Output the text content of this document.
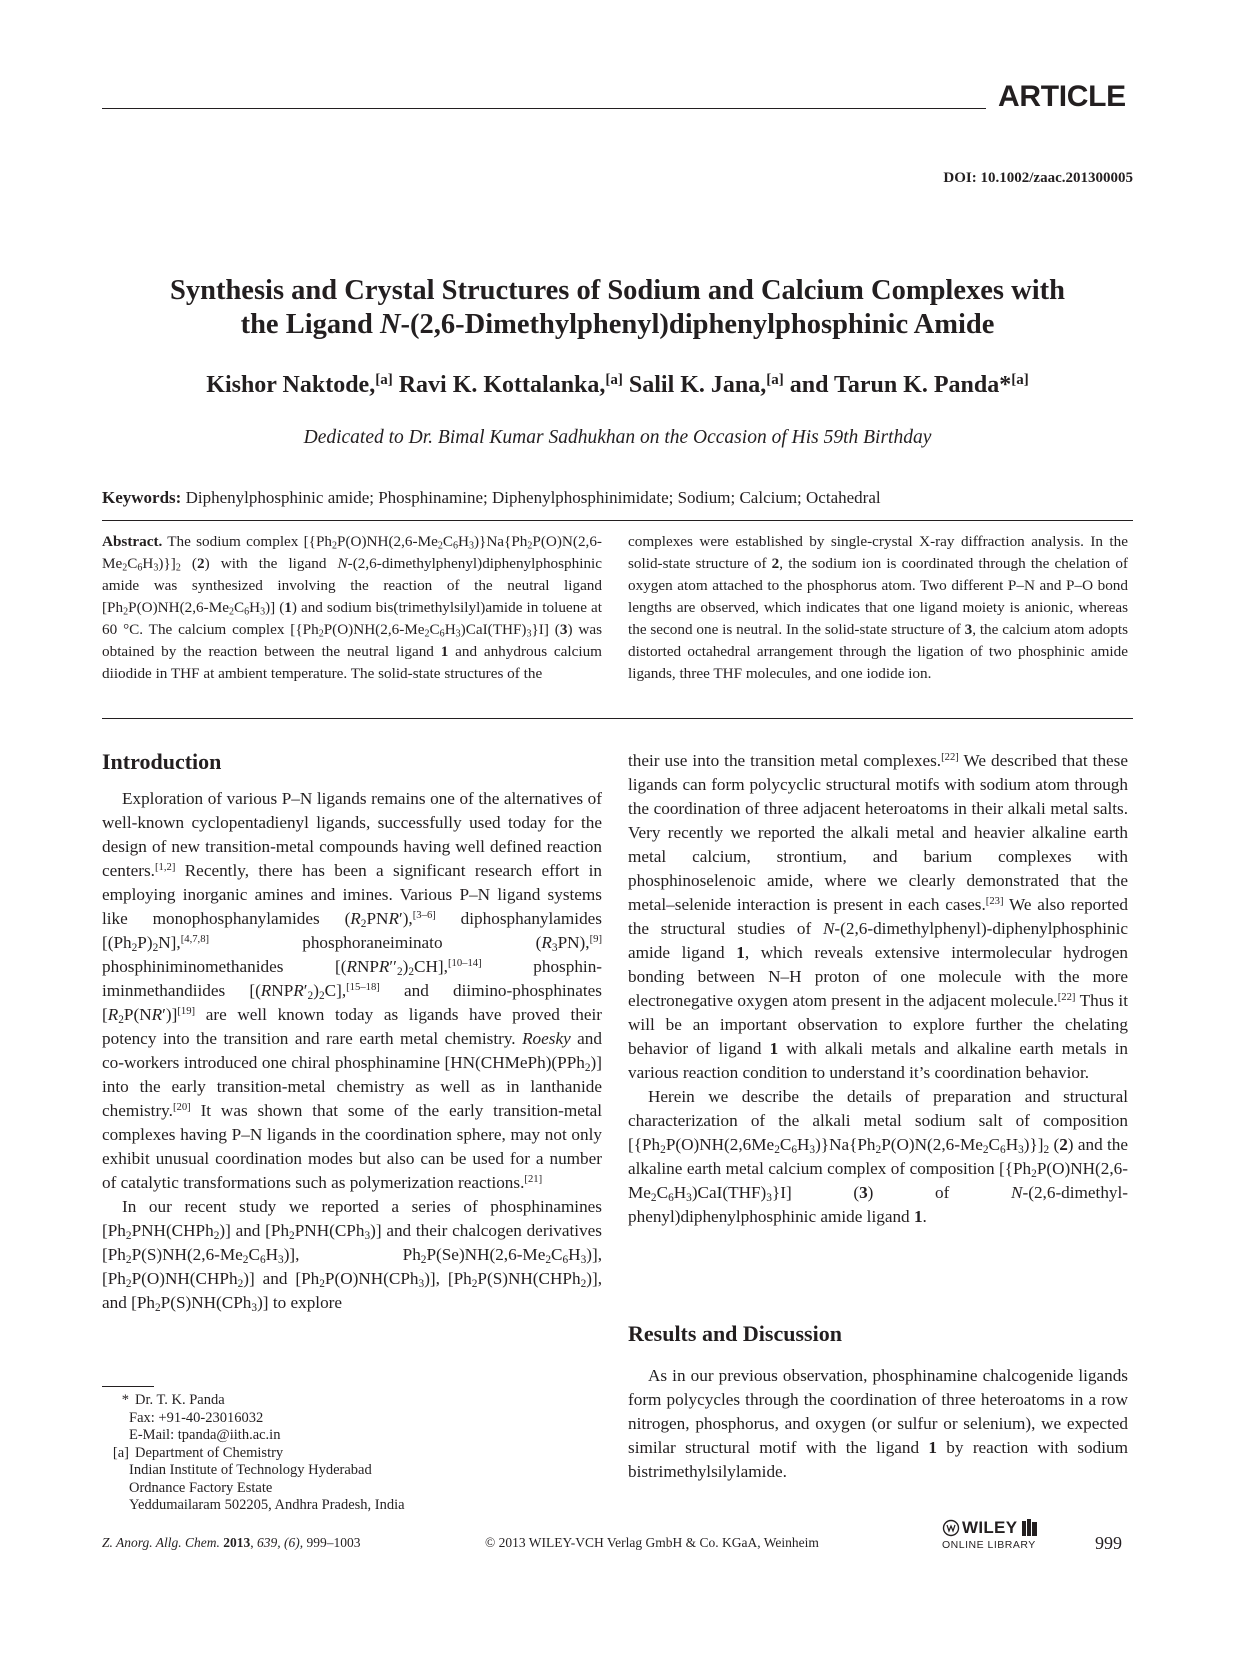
ARTICLE
DOI: 10.1002/zaac.201300005
Synthesis and Crystal Structures of Sodium and Calcium Complexes with
the Ligand N-(2,6-Dimethylphenyl)diphenylphosphinic Amide
Kishor Naktode,[a] Ravi K. Kottalanka,[a] Salil K. Jana,[a] and Tarun K. Panda*[a]
Dedicated to Dr. Bimal Kumar Sadhukhan on the Occasion of His 59th Birthday
Keywords: Diphenylphosphinic amide; Phosphinamine; Diphenylphosphinimidate; Sodium; Calcium; Octahedral
Abstract. The sodium complex $[\{Ph_2P(O)NH(2,6-Me_2C_6H_3)\}Na\{Ph_2P(O)N(2,6-Me_2C_6H_3)\}]_2$ (2) with the ligand N-(2,6-dimethylphenyl)diphenylphosphinic amide was synthesized involving the reaction of the neutral ligand $[Ph_2P(O)NH(2,6-Me_2C_6H_3)]$ (1) and sodium bis(trimethylsilyl)amide in toluene at 60 °C. The calcium complex $[\{Ph_2P(O)NH(2,6-Me_2C_6H_3)CaI(THF)_3\}I]$ (3) was obtained by the reaction between the neutral ligand 1 and anhydrous calcium diiodide in THF at ambient temperature. The solid-state structures of the
complexes were established by single-crystal X-ray diffraction analysis. In the solid-state structure of 2, the sodium ion is coordinated through the chelation of oxygen atom attached to the phosphorus atom. Two different P–N and P–O bond lengths are observed, which indicates that one ligand moiety is anionic, whereas the second one is neutral. In the solid-state structure of 3, the calcium atom adopts distorted octahedral arrangement through the ligation of two phosphinic amide ligands, three THF molecules, and one iodide ion.
Introduction

Exploration of various P–N ligands remains one of the alternatives of well-known cyclopentadienyl ligands, successfully used today for the design of new transition-metal compounds having well defined reaction centers.[1,2] Recently, there has been a significant research effort in employing inorganic amines and imines. Various P–N ligand systems like monophosphanylamides $(R_2PNR'),[3-6]$ diphosphanylamides $[(Ph_2P)_2N],[4,7,8]$ phosphoraneiminato $(R_3PN),[9]$ phosphiniminomethanides $[(RNPR''_2)_2CH],[10-14]$ phosphin-iminmethandiides $[(RNPR'_2)_2C],[15-18]$ and diimino-phosphinates $[R_2P(NR')][19]$ are well known today as ligands have proved their potency into the transition and rare earth metal chemistry. Roesky and co-workers introduced one chiral phosphinamine [HN(CHMePh)(PPh$_2$)] into the early transition-metal chemistry as well as in lanthanide chemistry.[20] It was shown that some of the early transition-metal complexes having P–N ligands in the coordination sphere, may not only exhibit unusual coordination modes but also can be used for a number of catalytic transformations such as polymerization reactions.[21]

In our recent study we reported a series of phosphinamines $[Ph_2PNH(CHPh_2)]$ and $[Ph_2PNH(CPh_3)]$ and their chalcogen derivatives $[Ph_2P(S)NH(2,6-Me_2C_6H_3)]$, $Ph_2P(Se)NH(2,6-Me_2C_6H_3)$], $[Ph_2P(O)NH(CHPh_2)]$ and $[Ph_2P(O)NH(CPh_3)]$, $[Ph_2P(S)NH(CHPh_2)]$, and $[Ph_2P(S)NH(CPh_3)]$ to explore

their use into the transition metal complexes.[22] We described that these ligands can form polycyclic structural motifs with sodium atom through the coordination of three adjacent heteroatoms in their alkali metal salts. Very recently we reported the alkali metal and heavier alkaline earth metal calcium, strontium, and barium complexes with phosphinoselenoic amide, where we clearly demonstrated that the metal–selenide interaction is present in each cases.[23] We also reported the structural studies of N-(2,6-dimethylphenyl)-diphenylphosphinic amide ligand 1, which reveals extensive intermolecular hydrogen bonding between N–H proton of one molecule with the more electronegative oxygen atom present in the adjacent molecule.[22] Thus it will be an important observation to explore further the chelating behavior of ligand 1 with alkali metals and alkaline earth metals in various reaction condition to understand it’s coordination behavior.

Herein we describe the details of preparation and structural characterization of the alkali metal sodium salt of composition $[\{Ph_2P(O)NH(2,6Me_2C_6H_3)\}Na\{Ph_2P(O)N(2,6-Me_2C_6H_3)\}]_2$ (2) and the alkaline earth metal calcium complex of composition $[\{Ph_2P(O)NH(2,6-Me_2C_6H_3)CaI(THF)_3\}I]$ (3) of N-(2,6-dimethyl-phenyl)diphenylphosphinic amide ligand 1.

Results and Discussion

As in our previous observation, phosphinamine chalcogenide ligands form polycycles through the coordination of three heteroatoms in a row nitrogen, phosphorus, and oxygen (or sulfur or selenium), we expected similar structural motif with the ligand 1 by reaction with sodium bistrimethylsilylamide.

* Dr. T. K. Panda
Fax: +91-40-23016032
E-Mail: tpanda@iith.ac.in
[a] Department of Chemistry
Indian Institute of Technology Hyderabad
Ordnance Factory Estate
Yeddumailaram 502205, Andhra Pradesh, India
Z. Anorg. Allg. Chem. 2013, 639, (6), 999–1003	© 2013 WILEY-VCH Verlag GmbH & Co. KGaA, Weinheim
WILEY
ONLINE LIBRARY	999
